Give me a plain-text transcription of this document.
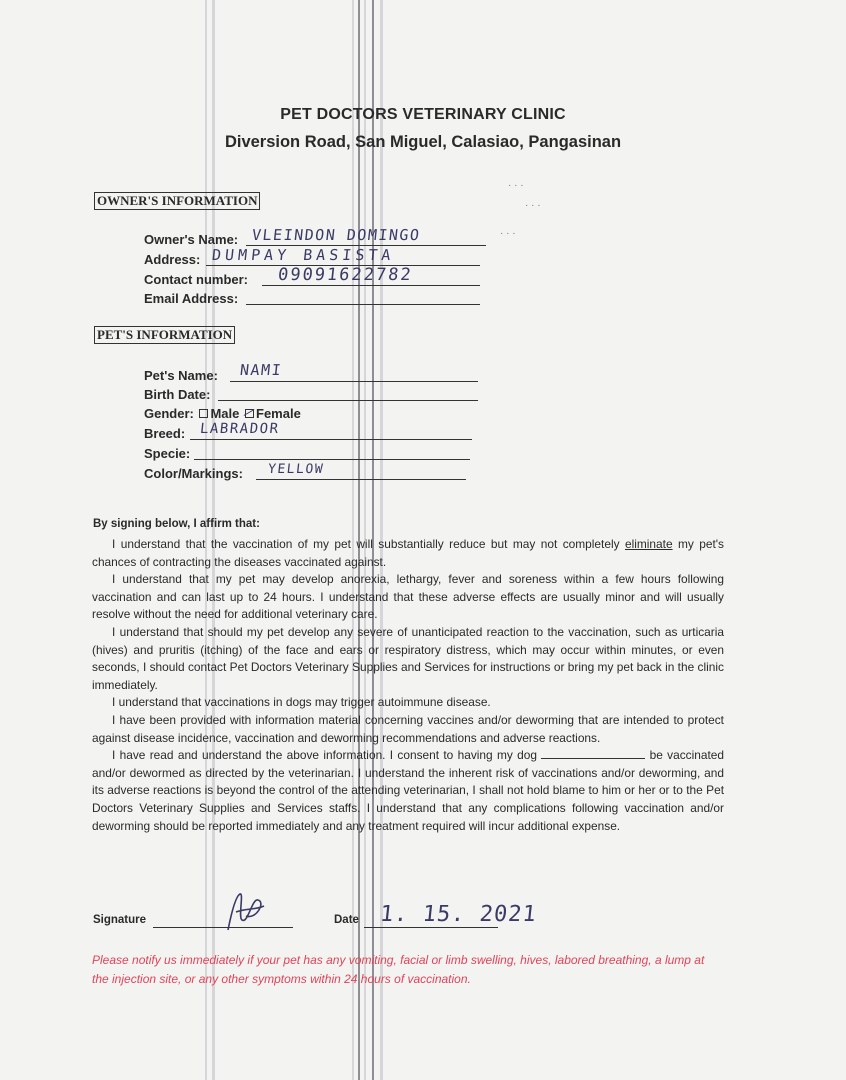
· · ·
· · ·
· · ·
PET DOCTORS VETERINARY CLINIC
Diversion Road, San Miguel, Calasiao, Pangasinan
OWNER'S INFORMATION
Owner's Name: VLEINDON DOMINGO
Address: DUMPAY BASISTA
Contact number: 09091622782
Email Address:
PET'S INFORMATION
Pet's Name: NAMI
Birth Date:
Gender: Male Female
Breed: LABRADOR
Specie:
Color/Markings: YELLOW
By signing below, I affirm that:

I understand that the vaccination of my pet will substantially reduce but may not completely eliminate my pet's chances of contracting the diseases vaccinated against.

I understand that my pet may develop anorexia, lethargy, fever and soreness within a few hours following vaccination and can last up to 24 hours. I understand that these adverse effects are usually minor and will usually resolve without the need for additional veterinary care.

I understand that should my pet develop any severe of unanticipated reaction to the vaccination, such as urticaria (hives) and pruritis (itching) of the face and ears or respiratory distress, which may occur within minutes, or even seconds, I should contact Pet Doctors Veterinary Supplies and Services for instructions or bring my pet back in the clinic immediately.

I understand that vaccinations in dogs may trigger autoimmune disease.

I have been provided with information material concerning vaccines and/or deworming that are intended to protect against disease incidence, vaccination and deworming recommendations and adverse reactions.

I have read and understand the above information. I consent to having my dog	be vaccinated and/or dewormed as directed by the veterinarian. I understand the inherent risk of vaccinations and/or deworming, and its adverse reactions is beyond the control of the attending veterinarian, I shall not hold blame to him or her or to the Pet Doctors Veterinary Supplies and Services staffs. I understand that any complications following vaccination and/or deworming should be reported immediately and any treatment required will incur additional expense.

Signature	Date 1. 15. 2021
Please notify us immediately if your pet has any vomiting, facial or limb swelling, hives, labored breathing, a lump at the injection site, or any other symptoms within 24 hours of vaccination.
